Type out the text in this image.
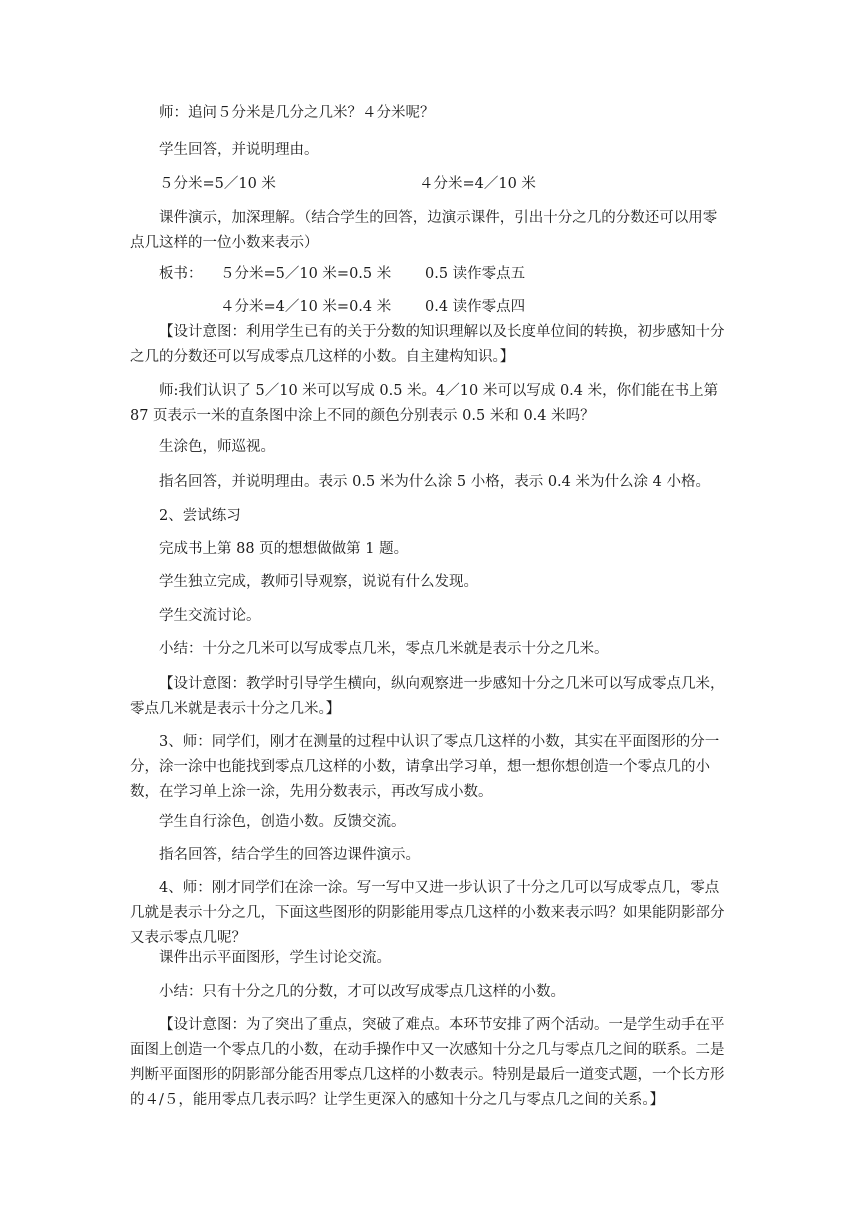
师：追问５分米是几分之几米？４分米呢？

学生回答，并说明理由。

５分米=5／10 米	４分米=4／10 米

课件演示，加深理解。（结合学生的回答，边演示课件，引出十分之几的分数还可以用零点几这样的一位小数来表示）

板书： ５分米=5／10 米=0.5 米 0.5 读作零点五
４分米=4／10 米=0.4 米 0.4 读作零点四

【设计意图：利用学生已有的关于分数的知识理解以及长度单位间的转换，初步感知十分之几的分数还可以写成零点几这样的小数。自主建构知识。】

师:我们认识了 5／10 米可以写成 0.5 米。4／10 米可以写成 0.4 米，你们能在书上第 87 页表示一米的直条图中涂上不同的颜色分别表示 0.5 米和 0.4 米吗？

生涂色，师巡视。

指名回答，并说明理由。表示 0.5 米为什么涂 5 小格，表示 0.4 米为什么涂 4 小格。

2、尝试练习

完成书上第 88 页的想想做做第 1 题。

学生独立完成，教师引导观察，说说有什么发现。

学生交流讨论。

小结：十分之几米可以写成零点几米，零点几米就是表示十分之几米。

【设计意图：教学时引导学生横向，纵向观察进一步感知十分之几米可以写成零点几米，零点几米就是表示十分之几米。】

3、师：同学们，刚才在测量的过程中认识了零点几这样的小数，其实在平面图形的分一分，涂一涂中也能找到零点几这样的小数，请拿出学习单，想一想你想创造一个零点几的小数，在学习单上涂一涂，先用分数表示，再改写成小数。

学生自行涂色，创造小数。反馈交流。

指名回答，结合学生的回答边课件演示。

4、师：刚才同学们在涂一涂。写一写中又进一步认识了十分之几可以写成零点几，零点几就是表示十分之几，下面这些图形的阴影能用零点几这样的小数来表示吗？如果能阴影部分又表示零点几呢？

课件出示平面图形，学生讨论交流。

小结：只有十分之几的分数，才可以改写成零点几这样的小数。

【设计意图：为了突出了重点，突破了难点。本环节安排了两个活动。一是学生动手在平面图上创造一个零点几的小数，在动手操作中又一次感知十分之几与零点几之间的联系。二是判断平面图形的阴影部分能否用零点几这样的小数表示。特别是最后一道变式题，一个长方形的４/５，能用零点几表示吗？让学生更深入的感知十分之几与零点几之间的关系。】
